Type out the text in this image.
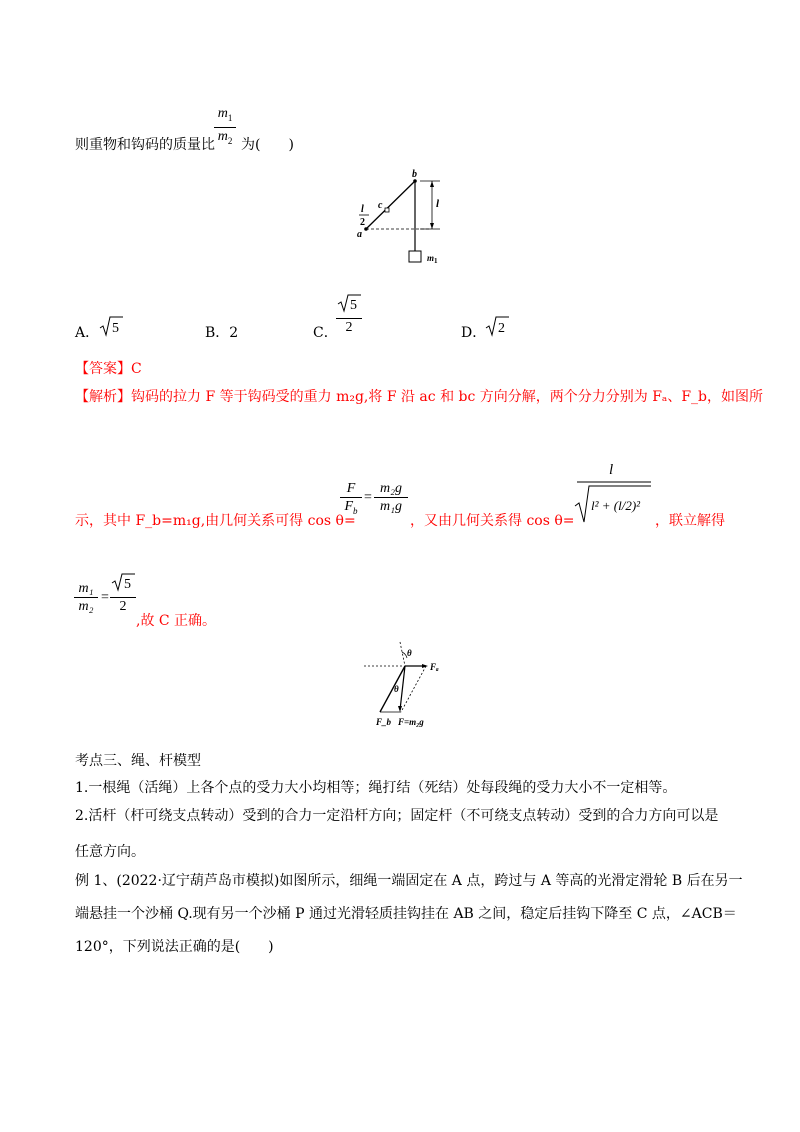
则重物和钩码的质量比
$m_1$
$m_2$ 为(　　)
b
c
a
l
l
2
$m_1$
A． 5	B．2	C．
5
2	D． 2
【答案】C
【解析】钩码的拉力 F 等于钩码受的重力 m₂g,将 F 沿 ac 和 bc 方向分解，两个分力分别为 Fₐ、F_b，如图所
示，其中 F_b=m₁g,由几何关系可得 cos θ=
F
$F_b$
=
m₂g
m₁g
，又由几何关系得 cos θ=
l
l² + (l/2)²
，联立解得
m₁
m₂
=
5
2
,故 C 正确。
θ
θ
Fₐ
F_b F=m₂g
考点三、绳、杆模型
1.一根绳（活绳）上各个点的受力大小均相等；绳打结（死结）处每段绳的受力大小不一定相等。
2.活杆（杆可绕支点转动）受到的合力一定沿杆方向；固定杆（不可绕支点转动）受到的合力方向可以是
任意方向。
例 1、(2022·辽宁葫芦岛市模拟)如图所示，细绳一端固定在 A 点，跨过与 A 等高的光滑定滑轮 B 后在另一
端悬挂一个沙桶 Q.现有另一个沙桶 P 通过光滑轻质挂钩挂在 AB 之间，稳定后挂钩下降至 C 点，∠ACB＝
120°，下列说法正确的是(　　)
